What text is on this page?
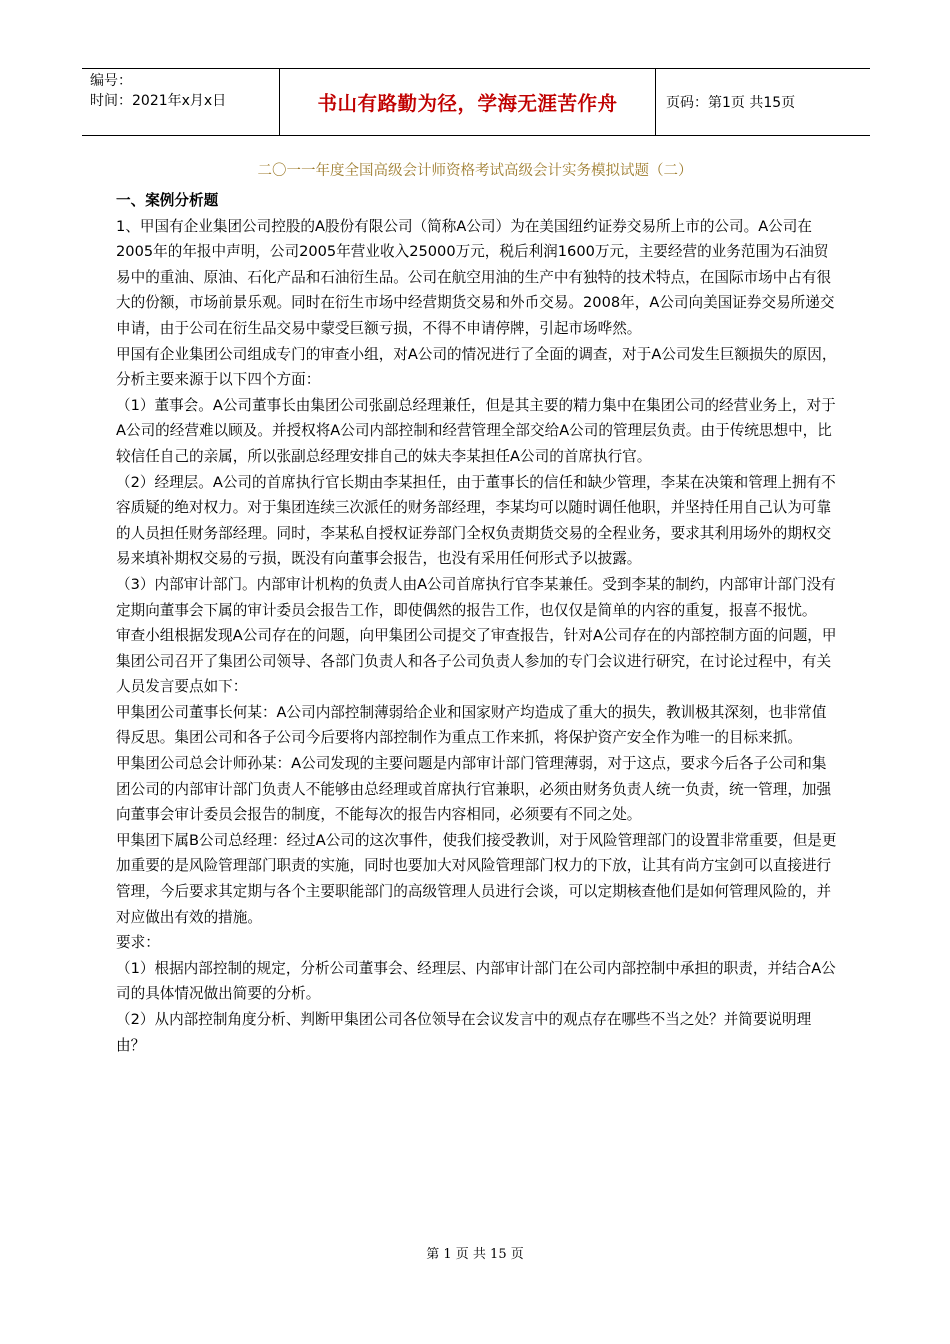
编号：
时间：2021年x月x日	书山有路勤为径，学海无涯苦作舟	页码：第1页 共15页
二〇一一年度全国高级会计师资格考试高级会计实务模拟试题（二）

一、案例分析题

1、甲国有企业集团公司控股的A股份有限公司（简称A公司）为在美国纽约证券交易所上市的公司。A公司在2005年的年报中声明，公司2005年营业收入25000万元，税后利润1600万元，主要经营的业务范围为石油贸易中的重油、原油、石化产品和石油衍生品。公司在航空用油的生产中有独特的技术特点，在国际市场中占有很大的份额，市场前景乐观。同时在衍生市场中经营期货交易和外币交易。2008年，A公司向美国证券交易所递交申请，由于公司在衍生品交易中蒙受巨额亏损，不得不申请停牌，引起市场哗然。

甲国有企业集团公司组成专门的审查小组，对A公司的情况进行了全面的调查，对于A公司发生巨额损失的原因，分析主要来源于以下四个方面：

（1）董事会。A公司董事长由集团公司张副总经理兼任，但是其主要的精力集中在集团公司的经营业务上，对于A公司的经营难以顾及。并授权将A公司内部控制和经营管理全部交给A公司的管理层负责。由于传统思想中，比较信任自己的亲属，所以张副总经理安排自己的妹夫李某担任A公司的首席执行官。

（2）经理层。A公司的首席执行官长期由李某担任，由于董事长的信任和缺少管理，李某在决策和管理上拥有不容质疑的绝对权力。对于集团连续三次派任的财务部经理，李某均可以随时调任他职，并坚持任用自己认为可靠的人员担任财务部经理。同时，李某私自授权证券部门全权负责期货交易的全程业务，要求其利用场外的期权交易来填补期权交易的亏损，既没有向董事会报告，也没有采用任何形式予以披露。

（3）内部审计部门。内部审计机构的负责人由A公司首席执行官李某兼任。受到李某的制约，内部审计部门没有定期向董事会下属的审计委员会报告工作，即使偶然的报告工作，也仅仅是简单的内容的重复，报喜不报忧。

审查小组根据发现A公司存在的问题，向甲集团公司提交了审查报告，针对A公司存在的内部控制方面的问题，甲集团公司召开了集团公司领导、各部门负责人和各子公司负责人参加的专门会议进行研究，在讨论过程中，有关人员发言要点如下：

甲集团公司董事长何某：A公司内部控制薄弱给企业和国家财产均造成了重大的损失，教训极其深刻，也非常值得反思。集团公司和各子公司今后要将内部控制作为重点工作来抓，将保护资产安全作为唯一的目标来抓。

甲集团公司总会计师孙某：A公司发现的主要问题是内部审计部门管理薄弱，对于这点，要求今后各子公司和集团公司的内部审计部门负责人不能够由总经理或首席执行官兼职，必须由财务负责人统一负责，统一管理，加强向董事会审计委员会报告的制度，不能每次的报告内容相同，必须要有不同之处。

甲集团下属B公司总经理：经过A公司的这次事件，使我们接受教训，对于风险管理部门的设置非常重要，但是更加重要的是风险管理部门职责的实施，同时也要加大对风险管理部门权力的下放，让其有尚方宝剑可以直接进行管理，今后要求其定期与各个主要职能部门的高级管理人员进行会谈，可以定期核查他们是如何管理风险的，并对应做出有效的措施。

要求：

（1）根据内部控制的规定，分析公司董事会、经理层、内部审计部门在公司内部控制中承担的职责，并结合A公司的具体情况做出简要的分析。

（2）从内部控制角度分析、判断甲集团公司各位领导在会议发言中的观点存在哪些不当之处？并简要说明理由？

第 1 页 共 15 页
